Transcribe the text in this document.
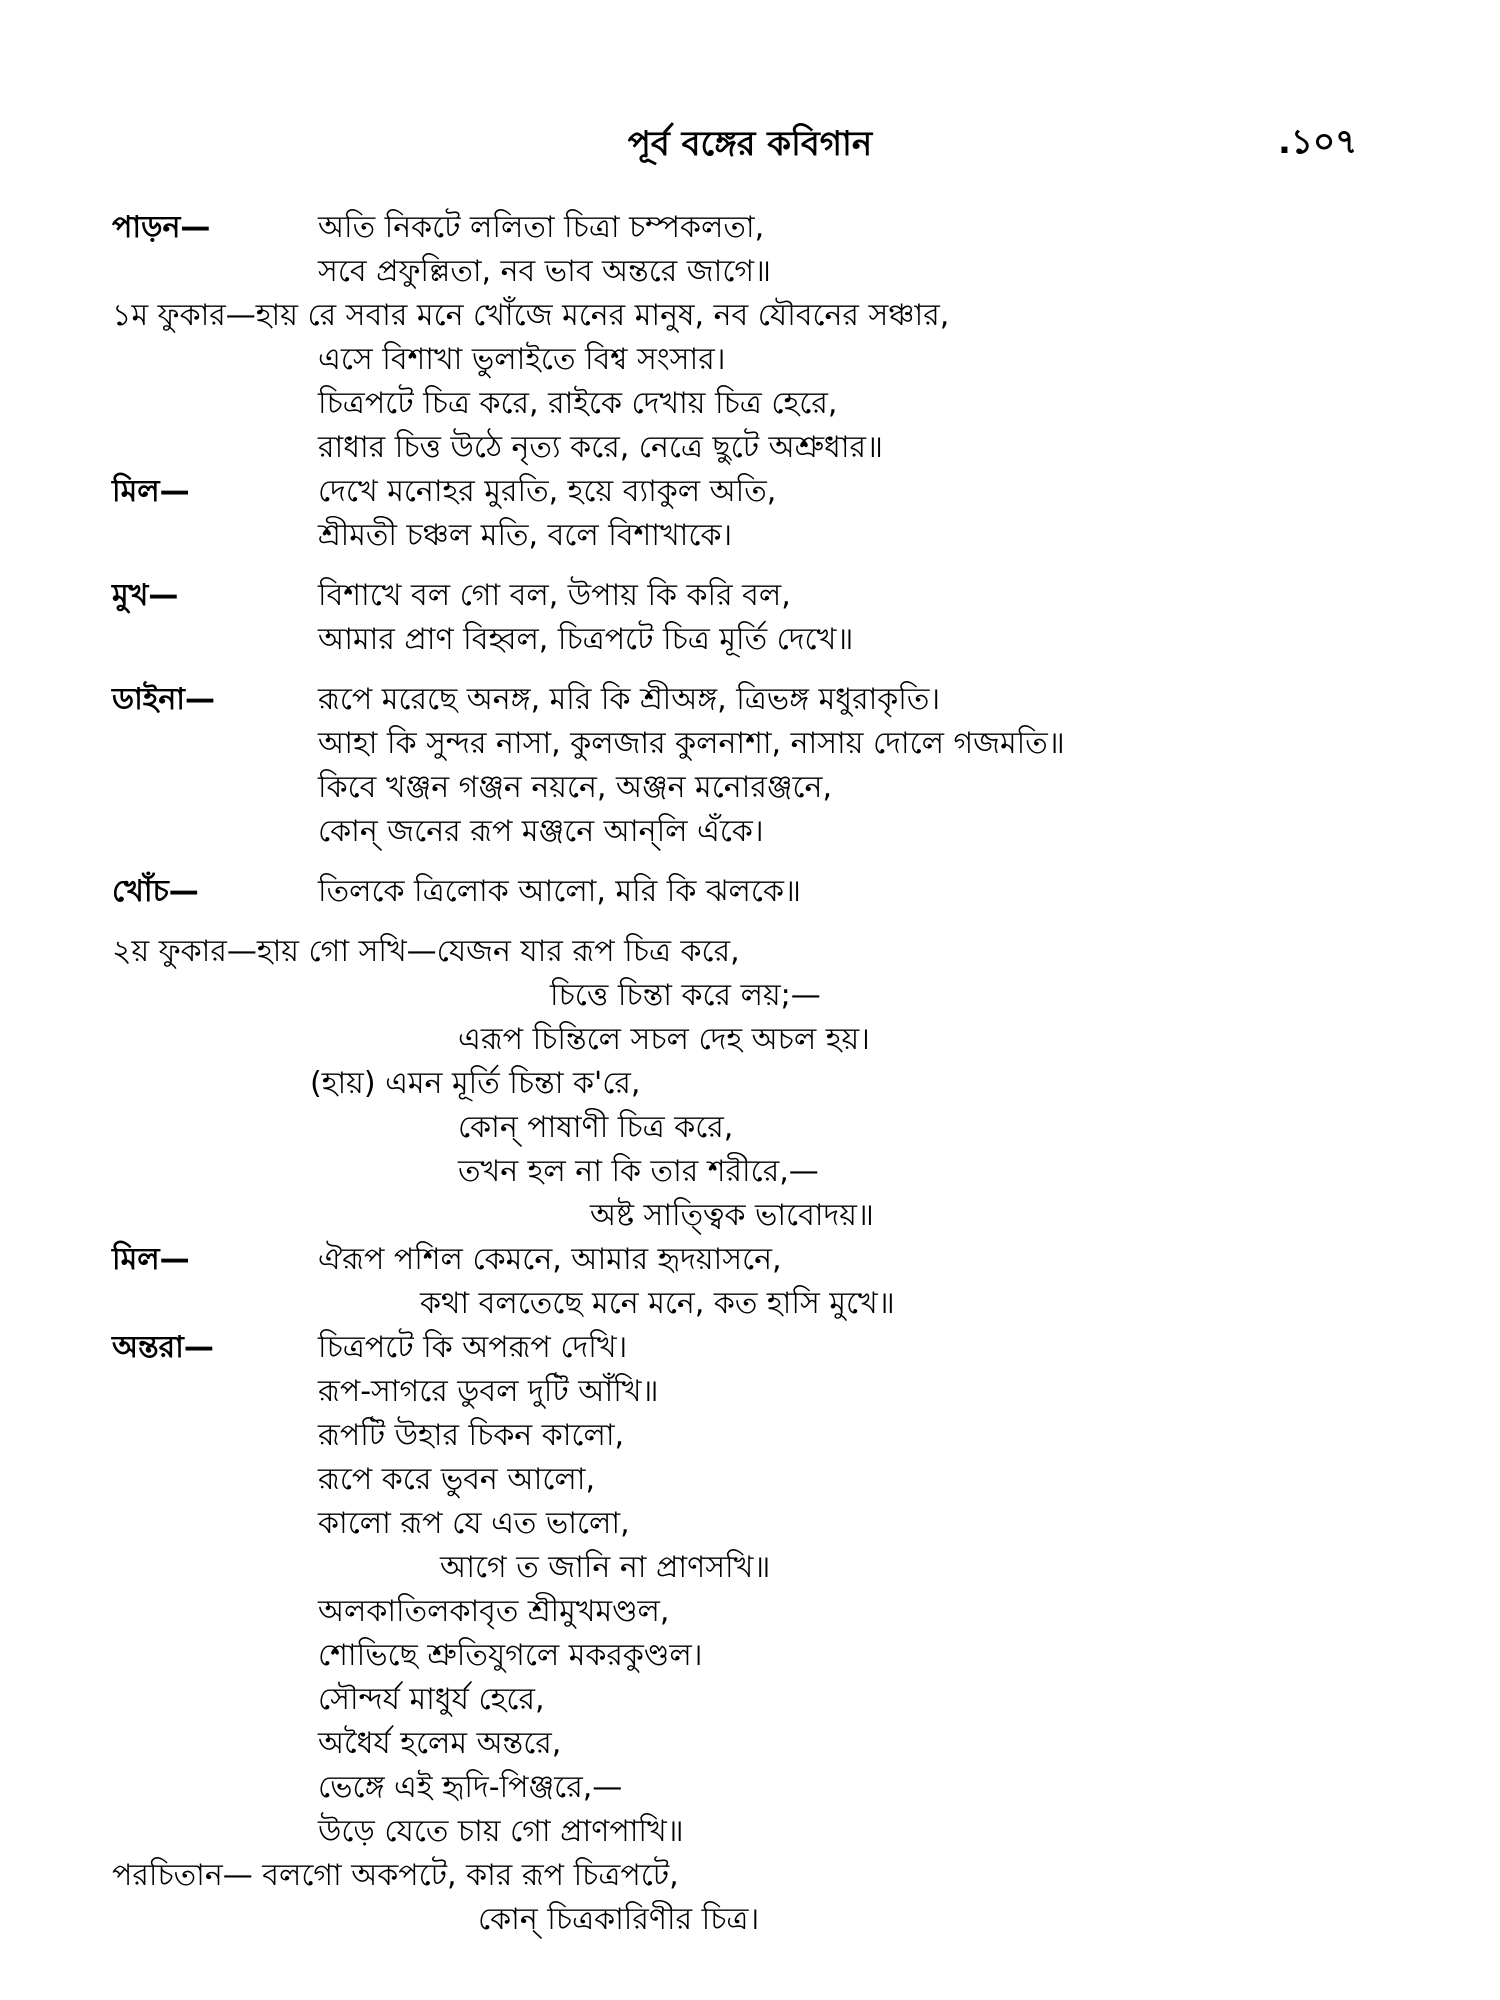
পূর্ব বঙ্গের কবিগান	.১০৭
পাড়ন—	অতি নিকটে ললিতা চিত্রা চম্পকলতা,
সবে প্রফুল্লিতা, নব ভাব অন্তরে জাগে॥
১ম ফুকার—হায় রে সবার মনে খোঁজে মনের মানুষ, নব যৌবনের সঞ্চার,
এসে বিশাখা ভুলাইতে বিশ্ব সংসার।
চিত্রপটে চিত্র করে, রাইকে দেখায় চিত্র হেরে,
রাধার চিত্ত উঠে নৃত্য করে, নেত্রে ছুটে অশ্রুধার॥
মিল—	দেখে মনোহর মুরতি, হয়ে ব্যাকুল অতি,
শ্রীমতী চঞ্চল মতি, বলে বিশাখাকে।
মুখ—	বিশাখে বল গো বল, উপায় কি করি বল,
আমার প্রাণ বিহ্বল, চিত্রপটে চিত্র মূর্তি দেখে॥
ডাইনা—	রূপে মরেছে অনঙ্গ, মরি কি শ্রীঅঙ্গ, ত্রিভঙ্গ মধুরাকৃতি।
আহা কি সুন্দর নাসা, কুলজার কুলনাশা, নাসায় দোলে গজমতি॥
কিবে খঞ্জন গঞ্জন নয়নে, অঞ্জন মনোরঞ্জনে,
কোন্ জনের রূপ মঞ্জনে আন্‌লি এঁকে।
খোঁচ—	তিলকে ত্রিলোক আলো, মরি কি ঝলকে॥
২য় ফুকার—হায় গো সখি—যেজন যার রূপ চিত্র করে,
চিত্তে চিন্তা করে লয়;—
এরূপ চিন্তিলে সচল দেহ অচল হয়।
(হায়) এমন মূর্তি চিন্তা ক'রে,
কোন্ পাষাণী চিত্র করে,
তখন হল না কি তার শরীরে,—
অষ্ট সাত্ত্বিক ভাবোদয়॥
মিল—	ঐরূপ পশিল কেমনে, আমার হৃদয়াসনে,
কথা বলতেছে মনে মনে, কত হাসি মুখে॥
অন্তরা—	চিত্রপটে কি অপরূপ দেখি।
রূপ-সাগরে ডুবল দুটি আঁখি॥
রূপটি উহার চিকন কালো,
রূপে করে ভুবন আলো,
কালো রূপ যে এত ভালো,
আগে ত জানি না প্রাণসখি॥
অলকাতিলকাবৃত শ্রীমুখমণ্ডল,
শোভিছে শ্রুতিযুগলে মকরকুণ্ডল।
সৌন্দর্য মাধুর্য হেরে,
অধৈর্য হলেম অন্তরে,
ভেঙ্গে এই হৃদি-পিঞ্জরে,—
উড়ে যেতে চায় গো প্রাণপাখি॥
পরচিতান— বলগো অকপটে, কার রূপ চিত্রপটে,
কোন্ চিত্রকারিণীর চিত্র।
